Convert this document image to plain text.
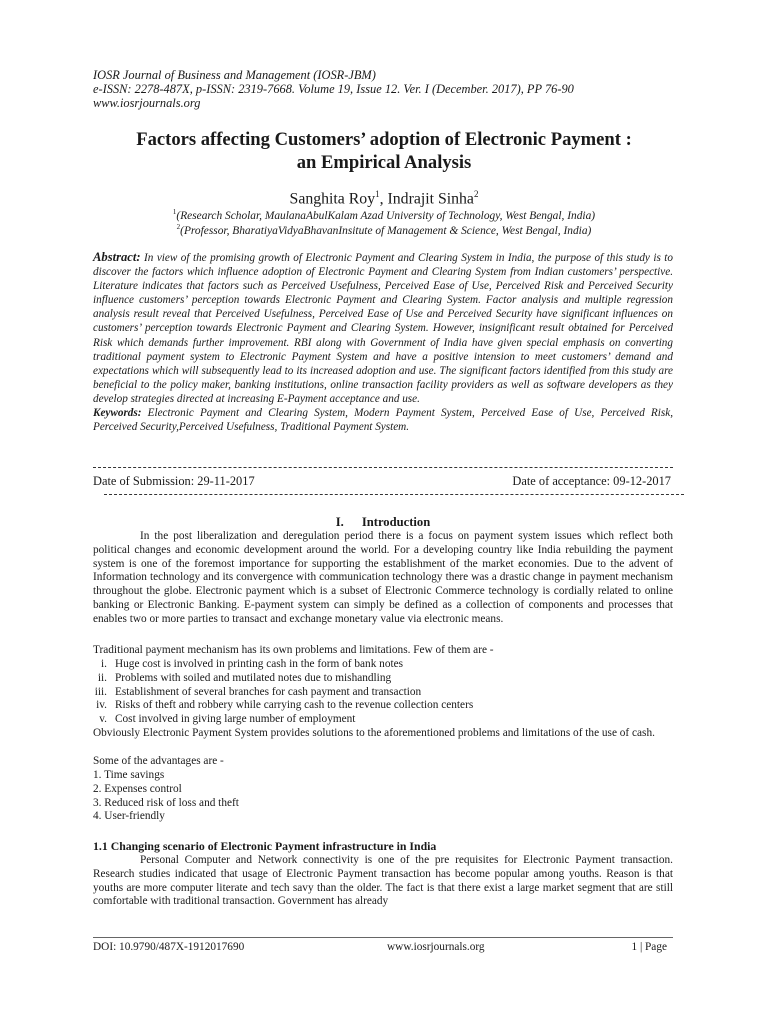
IOSR Journal of Business and Management (IOSR-JBM)
e-ISSN: 2278-487X, p-ISSN: 2319-7668. Volume 19, Issue 12. Ver. I (December. 2017), PP 76-90
www.iosrjournals.org
Factors affecting Customers’ adoption of Electronic Payment :
an Empirical Analysis
Sanghita Roy$^1$, Indrajit Sinha$^2$
$^1$(Research Scholar, MaulanaAbulKalam Azad University of Technology, West Bengal, India)
$^2$(Professor, BharatiyaVidyaBhavanInsitute of Management & Science, West Bengal, India)
Abstract: In view of the promising growth of Electronic Payment and Clearing System in India, the purpose of this study is to discover the factors which influence adoption of Electronic Payment and Clearing System from Indian customers’ perspective. Literature indicates that factors such as Perceived Usefulness, Perceived Ease of Use, Perceived Risk and Perceived Security influence customers’ perception towards Electronic Payment and Clearing System. Factor analysis and multiple regression analysis result reveal that Perceived Usefulness, Perceived Ease of Use and Perceived Security have significant influences on customers’ perception towards Electronic Payment and Clearing System. However, insignificant result obtained for Perceived Risk which demands further improvement. RBI along with Government of India have given special emphasis on converting traditional payment system to Electronic Payment System and have a positive intension to meet customers’ demand and expectations which will subsequently lead to its increased adoption and use. The significant factors identified from this study are beneficial to the policy maker, banking institutions, online transaction facility providers as well as software developers as they develop strategies directed at increasing E-Payment acceptance and use.
Keywords: Electronic Payment and Clearing System, Modern Payment System, Perceived Ease of Use, Perceived Risk, Perceived Security,Perceived Usefulness, Traditional Payment System.
Date of Submission: 29-11-2017	Date of acceptance: 09-12-2017
I. Introduction
In the post liberalization and deregulation period there is a focus on payment system issues which reflect both political changes and economic development around the world. For a developing country like India rebuilding the payment system is one of the foremost importance for supporting the establishment of the market economies. Due to the advent of Information technology and its convergence with communication technology there was a drastic change in payment mechanism throughout the globe. Electronic payment which is a subset of Electronic Commerce technology is cordially related to online banking or Electronic Banking. E-payment system can simply be defined as a collection of components and processes that enables two or more parties to transact and exchange monetary value via electronic means.
Traditional payment mechanism has its own problems and limitations. Few of them are -
i. Huge cost is involved in printing cash in the form of bank notes
ii. Problems with soiled and mutilated notes due to mishandling
iii. Establishment of several branches for cash payment and transaction
iv. Risks of theft and robbery while carrying cash to the revenue collection centers
v. Cost involved in giving large number of employment
Obviously Electronic Payment System provides solutions to the aforementioned problems and limitations of the use of cash.
Some of the advantages are -
1. Time savings
2. Expenses control
3. Reduced risk of loss and theft
4. User-friendly
1.1 Changing scenario of Electronic Payment infrastructure in India
Personal Computer and Network connectivity is one of the pre requisites for Electronic Payment transaction. Research studies indicated that usage of Electronic Payment transaction has become popular among youths. Reason is that youths are more computer literate and tech savy than the older. The fact is that there exist a large market segment that are still comfortable with traditional transaction. Government has already
DOI: 10.9790/487X-1912017690	www.iosrjournals.org	1 | Page
